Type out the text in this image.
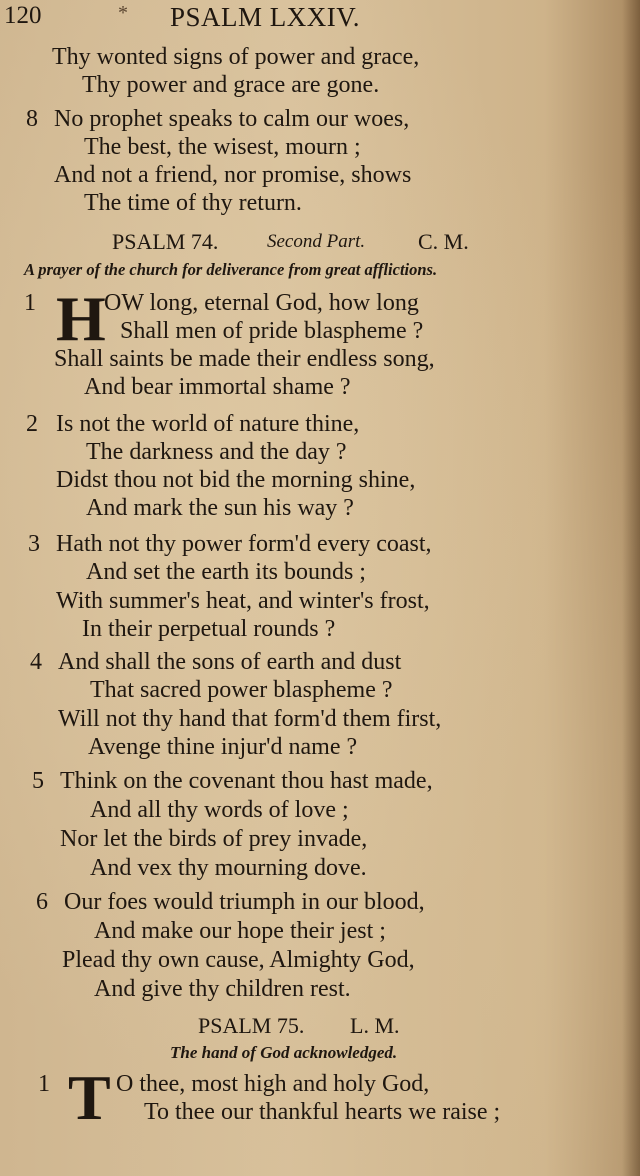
120	* PSALM LXXIV.
Thy wonted signs of power and grace,
Thy power and grace are gone.
8 No prophet speaks to calm our woes,
The best, the wisest, mourn ;
And not a friend, nor promise, shows
The time of thy return.
PSALM 74.	Second Part. C. M.
A prayer of the church for deliverance from great afflictions.
1 H
OW long, eternal God, how long
Shall men of pride blaspheme ?
Shall saints be made their endless song,
And bear immortal shame ?
2 Is not the world of nature thine,
The darkness and the day ?
Didst thou not bid the morning shine,
And mark the sun his way ?
3 Hath not thy power form'd every coast,
And set the earth its bounds ;
With summer's heat, and winter's frost,
In their perpetual rounds ?
4 And shall the sons of earth and dust
That sacred power blaspheme ?
Will not thy hand that form'd them first,
Avenge thine injur'd name ?
5 Think on the covenant thou hast made,
And all thy words of love ;
Nor let the birds of prey invade,
And vex thy mourning dove.
6 Our foes would triumph in our blood,
And make our hope their jest ;
Plead thy own cause, Almighty God,
And give thy children rest.
PSALM 75. L. M.
The hand of God acknowledged.
1 T O thee, most high and holy God,
To thee our thankful hearts we raise ;
